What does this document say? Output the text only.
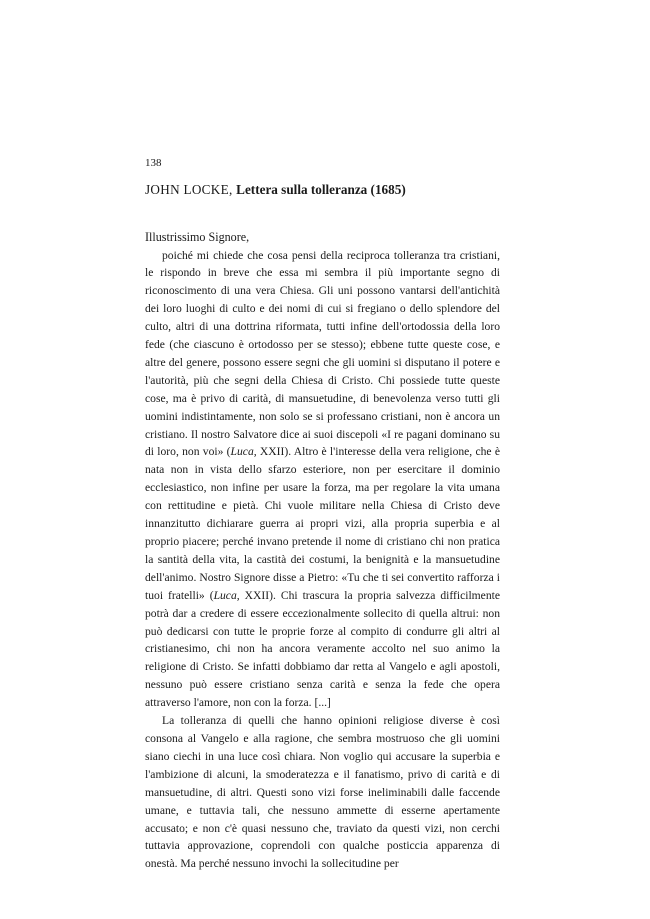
138
JOHN LOCKE, Lettera sulla tolleranza (1685)

Illustrissimo Signore,

poiché mi chiede che cosa pensi della reciproca tolleranza tra cristiani, le rispondo in breve che essa mi sembra il più importante segno di riconoscimento di una vera Chiesa. Gli uni possono vantarsi dell'antichità dei loro luoghi di culto e dei nomi di cui si fregiano o dello splendore del culto, altri di una dottrina riformata, tutti infine dell'ortodossia della loro fede (che ciascuno è ortodosso per se stesso); ebbene tutte queste cose, e altre del genere, possono essere segni che gli uomini si disputano il potere e l'autorità, più che segni della Chiesa di Cristo. Chi possiede tutte queste cose, ma è privo di carità, di mansuetudine, di benevolenza verso tutti gli uomini indistintamente, non solo se si professano cristiani, non è ancora un cristiano. Il nostro Salvatore dice ai suoi discepoli «I re pagani dominano su di loro, non voi» (Luca, XXII). Altro è l'interesse della vera religione, che è nata non in vista dello sfarzo esteriore, non per esercitare il dominio ecclesiastico, non infine per usare la forza, ma per regolare la vita umana con rettitudine e pietà. Chi vuole militare nella Chiesa di Cristo deve innanzitutto dichiarare guerra ai propri vizi, alla propria superbia e al proprio piacere; perché invano pretende il nome di cristiano chi non pratica la santità della vita, la castità dei costumi, la benignità e la mansuetudine dell'animo. Nostro Signore disse a Pietro: «Tu che ti sei convertito rafforza i tuoi fratelli» (Luca, XXII). Chi trascura la propria salvezza difficilmente potrà dar a credere di essere eccezionalmente sollecito di quella altrui: non può dedicarsi con tutte le proprie forze al compito di condurre gli altri al cristianesimo, chi non ha ancora veramente accolto nel suo animo la religione di Cristo. Se infatti dobbiamo dar retta al Vangelo e agli apostoli, nessuno può essere cristiano senza carità e senza la fede che opera attraverso l'amore, non con la forza. [...]

La tolleranza di quelli che hanno opinioni religiose diverse è così consona al Vangelo e alla ragione, che sembra mostruoso che gli uomini siano ciechi in una luce così chiara. Non voglio qui accusare la superbia e l'ambizione di alcuni, la smoderatezza e il fanatismo, privo di carità e di mansuetudine, di altri. Questi sono vizi forse ineliminabili dalle faccende umane, e tuttavia tali, che nessuno ammette di esserne apertamente accusato; e non c'è quasi nessuno che, traviato da questi vizi, non cerchi tuttavia approvazione, coprendoli con qualche posticcia apparenza di onestà. Ma perché nessuno invochi la sollecitudine per
